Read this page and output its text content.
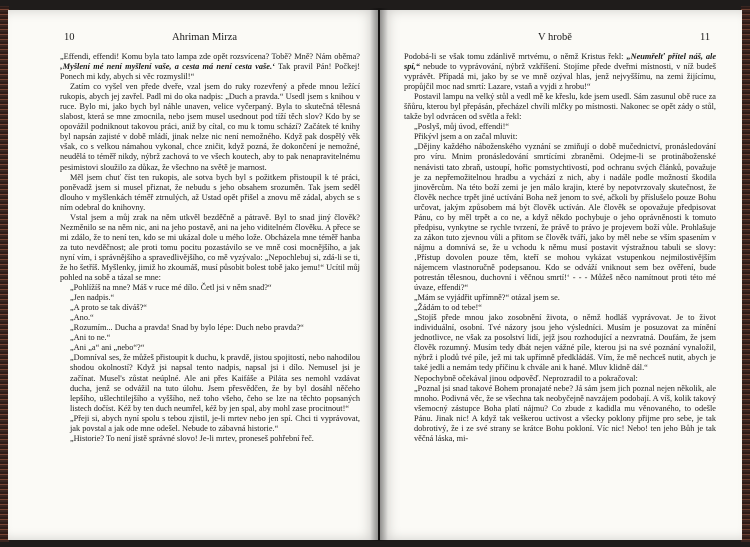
10	Ahriman Mirza

„Effendi, effendi! Komu byla tato lampa zde opět rozsvícena? Tobě? Mně? Nám oběma? ‚Myšlení mé není myšlení vaše, a cesta má není cesta vaše.‘ Tak pravil Pán! Počkej! Ponech mi kdy, abych si věc rozmyslil!“

Zatím co vyšel ven přede dveře, vzal jsem do ruky rozevřený a přede mnou ležící rukopis, abych jej zavřel. Padl mi do oka nadpis: „Duch a pravda.“ Usedl jsem s knihou v ruce. Bylo mi, jako bych byl náhle unaven, velice vyčerpaný. Byla to skutečná tělesná slabost, která se mne zmocnila, nebo jsem musel usednout pod tíží těch slov? Kdo by se opovážil podniknout takovou práci, aniž by cítal, co mu k tomu schází? Začátek té knihy byl napsán zajisté v době mládí, jinak nelze nic není nemožného. Když pak dospělý věk však, co s velkou námahou vykonal, chce zničit, když pozná, že dokončení je nemožné, neudělá to téměř nikdy, nýbrž zachová to ve všech koutech, aby to pak nenapravitelnému pesimistovi sloužilo za důkaz, že všechno na světě je marnost.

Měl jsem chuť číst ten rukopis, ale sotva bych byl s požitkem přistoupil k té práci, poněvadž jsem si musel přiznat, že nebudu s jeho obsahem srozuměn. Tak jsem seděl dlouho v myšlenkách téměř ztrnulých, až Ustad opět přišel a znovu mě zádal, abych se s ním odebral do knihovny.

Vstal jsem a můj zrak na něm utkvěl bezděčně a pátravě. Byl to snad jiný člověk? Nezměnilo se na něm nic, ani na jeho postavě, ani na jeho viditelném člověku. A přece se mi zdálo, že to není ten, kdo se mi ukázal dole u mého lože. Obcházela mne téměř hanba za tuto nevděčnost; ale proti tomu pocitu pozastávilo se ve mně cosi mocnějšího, a jak nyní vím, i správnějšího a spravedlivějšího, co mě vyzývalo: „Nepochlebuj si, zdá-li se ti, že ho šetříš. Myšlenky, jimiž ho zkoumáš, musí působit bolest tobě jako jemu!“ Ucítil můj pohled na sobě a tázal se mne:

„Pohlížíš na mne? Máš v ruce mé dílo. Četl jsi v něm snad?“

„Jen nadpis.“

„A proto se tak díváš?“

„Ano.“

„Rozumím... Ducha a pravda! Snad by bylo lépe: Duch nebo pravda?“

„Ani to ne.“

„Ani „a“ ani „nebo“?“

„Domníval ses, že můžeš přistoupit k duchu, k pravdě, jistou spojitostí, nebo nahodilou shodou okolností? Když jsi napsal tento nadpis, napsal jsi i dílo. Nemusel jsi je začínat. Musel's zůstat neúplné. Ale ani přes Kaifáše a Piláta ses nemohl vzdávat ducha, jenž se odvážil na tuto úlohu. Jsem přesvědčen, že by byl dosáhl něčeho lepšího, ušlechtilejšího a vyššího, než toho všeho, čeho se lze na těchto popsaných listech dočíst. Kéž by ten duch neumřel, kéž by jen spal, aby mohl zase procitnout!“

„Přeji si, abych nyní spolu s tebou zjistil, je-li mrtev nebo jen spí. Chci ti vyprávovat, jak povstal a jak ode mne odešel. Nebude to zábavná historie.“

„Historie? To není jistě správné slovo! Je-li mrtev, proneseš pohřební řeč.

V hrobě	11

Podobá-li se však tomu zdánlivě mrtvému, o němž Kristus řekl: „Neumřelť přítel náš, ale spí,“ nebude to vyprávování, nýbrž vzkříšení. Stojíme přede dveřmi místnosti, v níž budeš vyprávět. Případá mi, jako by se ve mně ozýval hlas, jenž nejvyššímu, na zemi žijícímu, propůjčil moc nad smrtí: Lazare, vstaň a vyjdi z hrobu!“

Postavil lampu na velký stůl a vedl mě ke křeslu, kde jsem usedl. Sám zasunul obě ruce za šňůru, kterou byl přepásán, přecházel chvíli mlčky po místnosti. Nakonec se opět zády o stůl, takže byl odvrácen od světla a řekl:

„Poslyš, můj úvod, effendi!“

Přikývl jsem a on začal mluvit:

„Dějiny každého náboženského vyznání se zmiňují o době mučednictví, pronásledování pro víru. Mnim pronásledování smrtícími zbraněmi. Odejme-li se protináboženské nenávisti tato zbraň, ustoupí, hořic pomstychtivostí, pod ochranu svých článků, považuje je za nepřemožitelnou hradbu a vychází z nich, aby i nadále podle možností škodila jinověrcům. Na této boží zemi je jen málo krajin, které by nepotvrzovaly skutečnost, že člověk nechce trpět jiné uctívání Boha než jenom to své, ačkoli by příslušelo pouze Bohu určovat, jakým způsobem má být člověk uctíván. Ale člověk se opovažuje předpisovat Pánu, co by měl trpět a co ne, a když někdo pochybuje o jeho oprávněnosti k tomuto předpisu, vynkytne se rychle tvrzení, že právě to právo je projevem boží vůle. Prohlašuje za zákon tuto zjevnou vůli a přitom se člověk tváří, jako by měl nebe se vším spasením v nájmu a domnívá se, že u vchodu k němu musí postavit výstražnou tabuli se slovy: ‚Přístup dovolen pouze těm, kteří se mohou vykázat vstupenkou nejmilostivějším nájemcem vlastnoručně podepsanou. Kdo se odváží vniknout sem bez ověření, bude potrestán tělesnou, duchovní i věčnou smrtí!‘ - - - Můžeš něco namítnout proti této mé úvaze, effendi?“

„Mám se vyjádřit upřímně?“ otázal jsem se.

„Žádám to od tebe!“

„Stojíš přede mnou jako zosobnění života, o němž hodláš vyprávovat. Je to život individuální, osobní. Tvé názory jsou jeho výsledníci. Musím je posuzovat za mínění jednotlivce, ne však za posolství lidí, jejž jsou rozhodující a nezvratná. Doufám, že jsem člověk rozumný. Musím tedy dbát nejen vážné píle, kterou jsi na své poznání vynaložil, nýbrž i plodů tvé píle, jež mi tak upřímně předkládáš. Vím, že mě nechceš nutit, abych je také jedli a nemám tedy příčinu k chvále ani k hané. Mluv klidně dál.“

Nepochybně očekával jinou odpověď. Neprozradil to a pokračoval:

„Poznal jsi snad takové Bohem pronajaté nebe? Já sám jsem jich poznal nejen několik, ale mnoho. Podivná věc, že se všechna tak neobyčejně navzájem podobají. A víš, kolik takový všemocný zástupce Boha platí nájmu? Co zbude z kadidla mu věnovaného, to odešle Pánu. Jinak nic! A když tak veškerou uctivost a všecky poklony přijme pro sebe, je tak dobrotivý, že i ze své strany se krátce Bohu pokloní. Víc nic! Nebo! ten jeho Bůh je tak věčná láska, mi-
